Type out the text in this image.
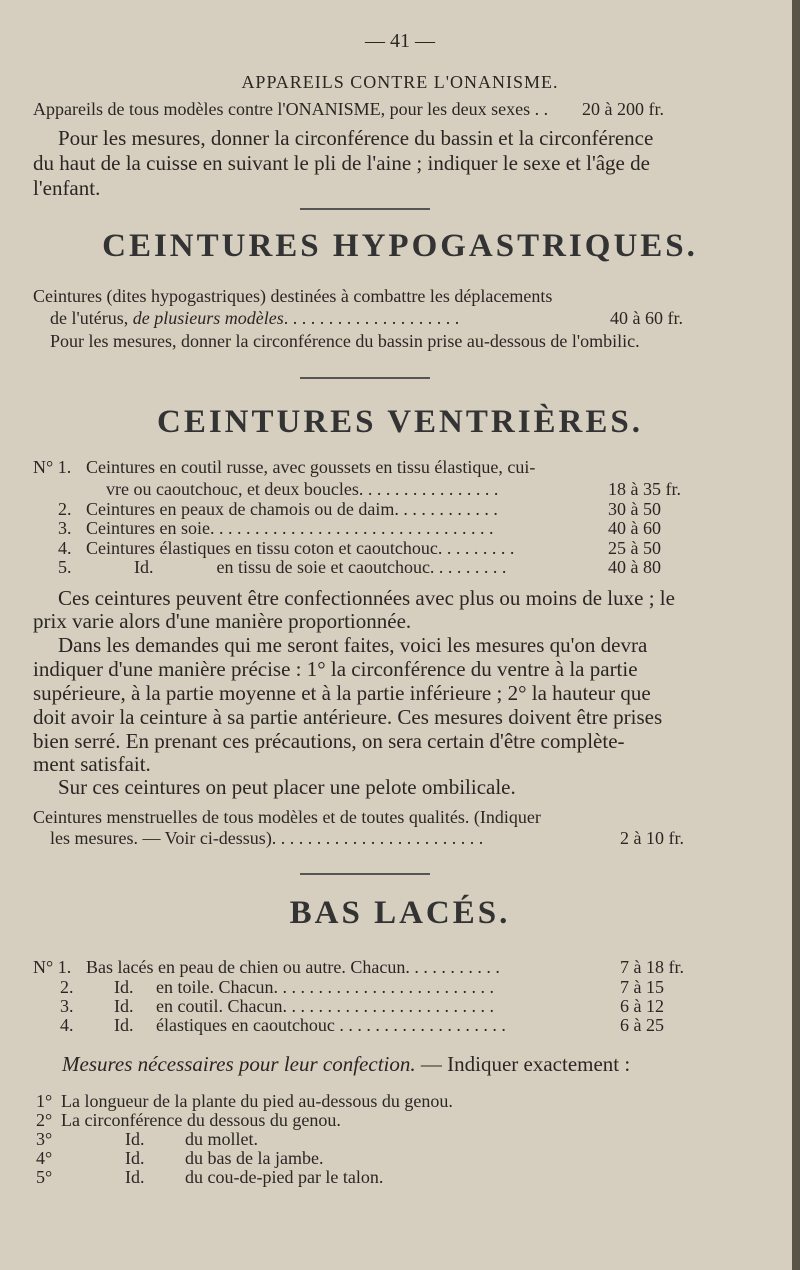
— 41 —
APPAREILS CONTRE L'ONANISME.
Appareils de tous modèles contre l'ONANISME, pour les deux sexes . . 20 à 200 fr.
Pour les mesures, donner la circonférence du bassin et la circonférence
du haut de la cuisse en suivant le pli de l'aine ; indiquer le sexe et l'âge de
l'enfant.
CEINTURES HYPOGASTRIQUES.
Ceintures (dites hypogastriques) destinées à combattre les déplacements
de l'utérus, de plusieurs modèles. . . . . . . . . . . . . . . . . . . .	40 à 60 fr.
Pour les mesures, donner la circonférence du bassin prise au-dessous de l'ombilic.
CEINTURES VENTRIÈRES.
N° 1. Ceintures en coutil russe, avec goussets en tissu élastique, cui-
vre ou caoutchouc, et deux boucles. . . . . . . . . . . . . . . .	18 à 35 fr.
2. Ceintures en peaux de chamois ou de daim. . . . . . . . . . . .	30 à 50
3. Ceintures en soie. . . . . . . . . . . . . . . . . . . . . . . . . . . . . . . .	40 à 60
4. Ceintures élastiques en tissu coton et caoutchouc. . . . . . . . .	25 à 50
5.	Id.              en tissu de soie et caoutchouc. . . . . . . . .	40 à 80
Ces ceintures peuvent être confectionnées avec plus ou moins de luxe ; le
prix varie alors d'une manière proportionnée.
Dans les demandes qui me seront faites, voici les mesures qu'on devra
indiquer d'une manière précise : 1° la circonférence du ventre à la partie
supérieure, à la partie moyenne et à la partie inférieure ; 2° la hauteur que
doit avoir la ceinture à sa partie antérieure. Ces mesures doivent être prises
bien serré. En prenant ces précautions, on sera certain d'être complète-
ment satisfait.
Sur ces ceintures on peut placer une pelote ombilicale.
Ceintures menstruelles de tous modèles et de toutes qualités. (Indiquer
les mesures. — Voir ci-dessus). . . . . . . . . . . . . . . . . . . . . . . .	2 à 10 fr.
BAS LACÉS.
N° 1. Bas lacés en peau de chien ou autre. Chacun. . . . . . . . . . .	7 à 18 fr.
2. Id.     en toile. Chacun. . . . . . . . . . . . . . . . . . . . . . . . .	7 à 15
3. Id.     en coutil. Chacun. . . . . . . . . . . . . . . . . . . . . . . .	6 à 12
4. Id.     élastiques en caoutchouc . . . . . . . . . . . . . . . . . . .	6 à 25
Mesures nécessaires pour leur confection. — Indiquer exactement :
1° La longueur de la plante du pied au-dessous du genou.
2° La circonférence du dessous du genou.
3°	Id.         du mollet.
4°	Id.         du bas de la jambe.
5°	Id.         du cou-de-pied par le talon.
